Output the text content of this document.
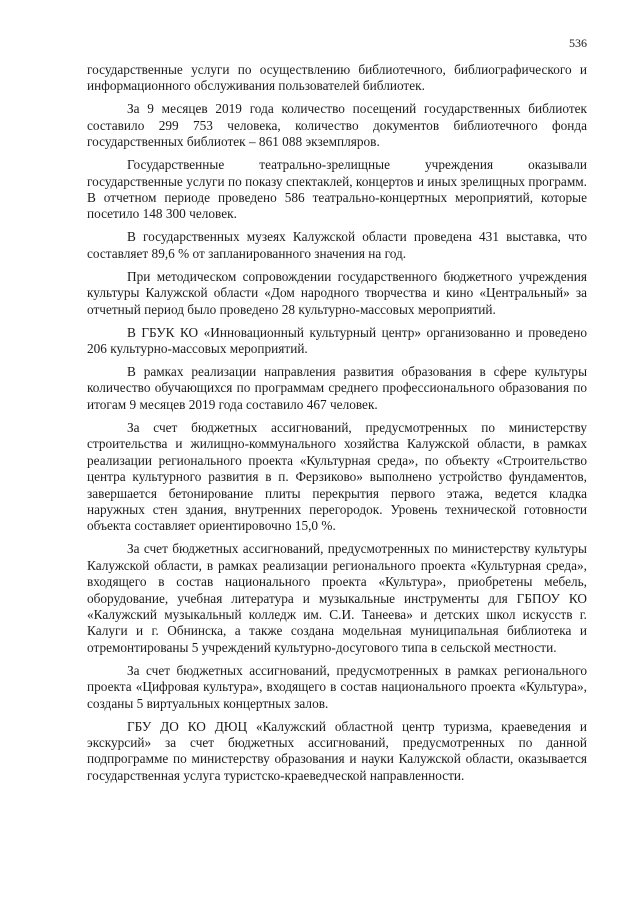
536

государственные услуги по осуществлению библиотечного, библиографического и информационного обслуживания пользователей библиотек.

За 9 месяцев 2019 года количество посещений государственных библиотек составило 299 753 человека, количество документов библиотечного фонда государственных библиотек – 861 088 экземпляров.

Государственные театрально-зрелищные учреждения оказывали государственные услуги по показу спектаклей, концертов и иных зрелищных программ. В отчетном периоде проведено 586 театрально-концертных мероприятий, которые посетило 148 300 человек.

В государственных музеях Калужской области проведена 431 выставка, что составляет 89,6 % от запланированного значения на год.

При методическом сопровождении государственного бюджетного учреждения культуры Калужской области «Дом народного творчества и кино «Центральный» за отчетный период было проведено 28 культурно-массовых мероприятий.

В ГБУК КО «Инновационный культурный центр» организованно и проведено 206 культурно-массовых мероприятий.

В рамках реализации направления развития образования в сфере культуры количество обучающихся по программам среднего профессионального образования по итогам 9 месяцев 2019 года составило 467 человек.

За счет бюджетных ассигнований, предусмотренных по министерству строительства и жилищно-коммунального хозяйства Калужской области, в рамках реализации регионального проекта «Культурная среда», по объекту «Строительство центра культурного развития в п. Ферзиково» выполнено устройство фундаментов, завершается бетонирование плиты перекрытия первого этажа, ведется кладка наружных стен здания, внутренних перегородок. Уровень технической готовности объекта составляет ориентировочно 15,0 %.

За счет бюджетных ассигнований, предусмотренных по министерству культуры Калужской области, в рамках реализации регионального проекта «Культурная среда», входящего в состав национального проекта «Культура», приобретены мебель, оборудование, учебная литература и музыкальные инструменты для ГБПОУ КО «Калужский музыкальный колледж им. С.И. Танеева» и детских школ искусств г. Калуги и г. Обнинска, а также создана модельная муниципальная библиотека и отремонтированы 5 учреждений культурно-досугового типа в сельской местности.

За счет бюджетных ассигнований, предусмотренных в рамках регионального проекта «Цифровая культура», входящего в состав национального проекта «Культура», созданы 5 виртуальных концертных залов.

ГБУ ДО КО ДЮЦ «Калужский областной центр туризма, краеведения и экскурсий» за счет бюджетных ассигнований, предусмотренных по данной подпрограмме по министерству образования и науки Калужской области, оказывается государственная услуга туристско-краеведческой направленности.
